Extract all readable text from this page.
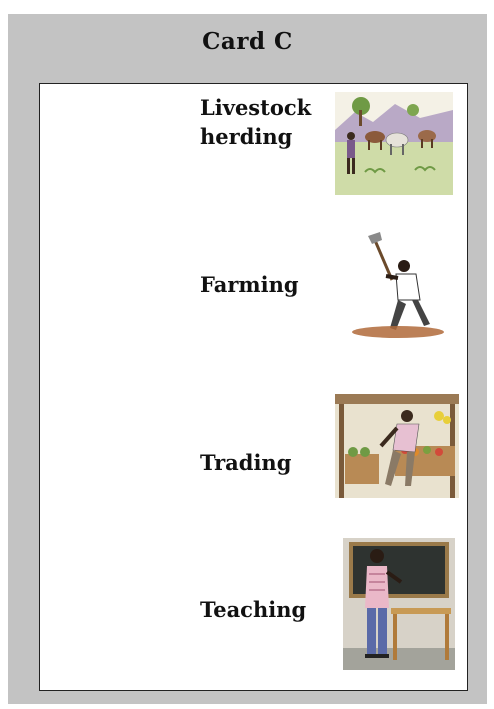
Card C
Livestock
herding
Farming
Trading
Teaching
